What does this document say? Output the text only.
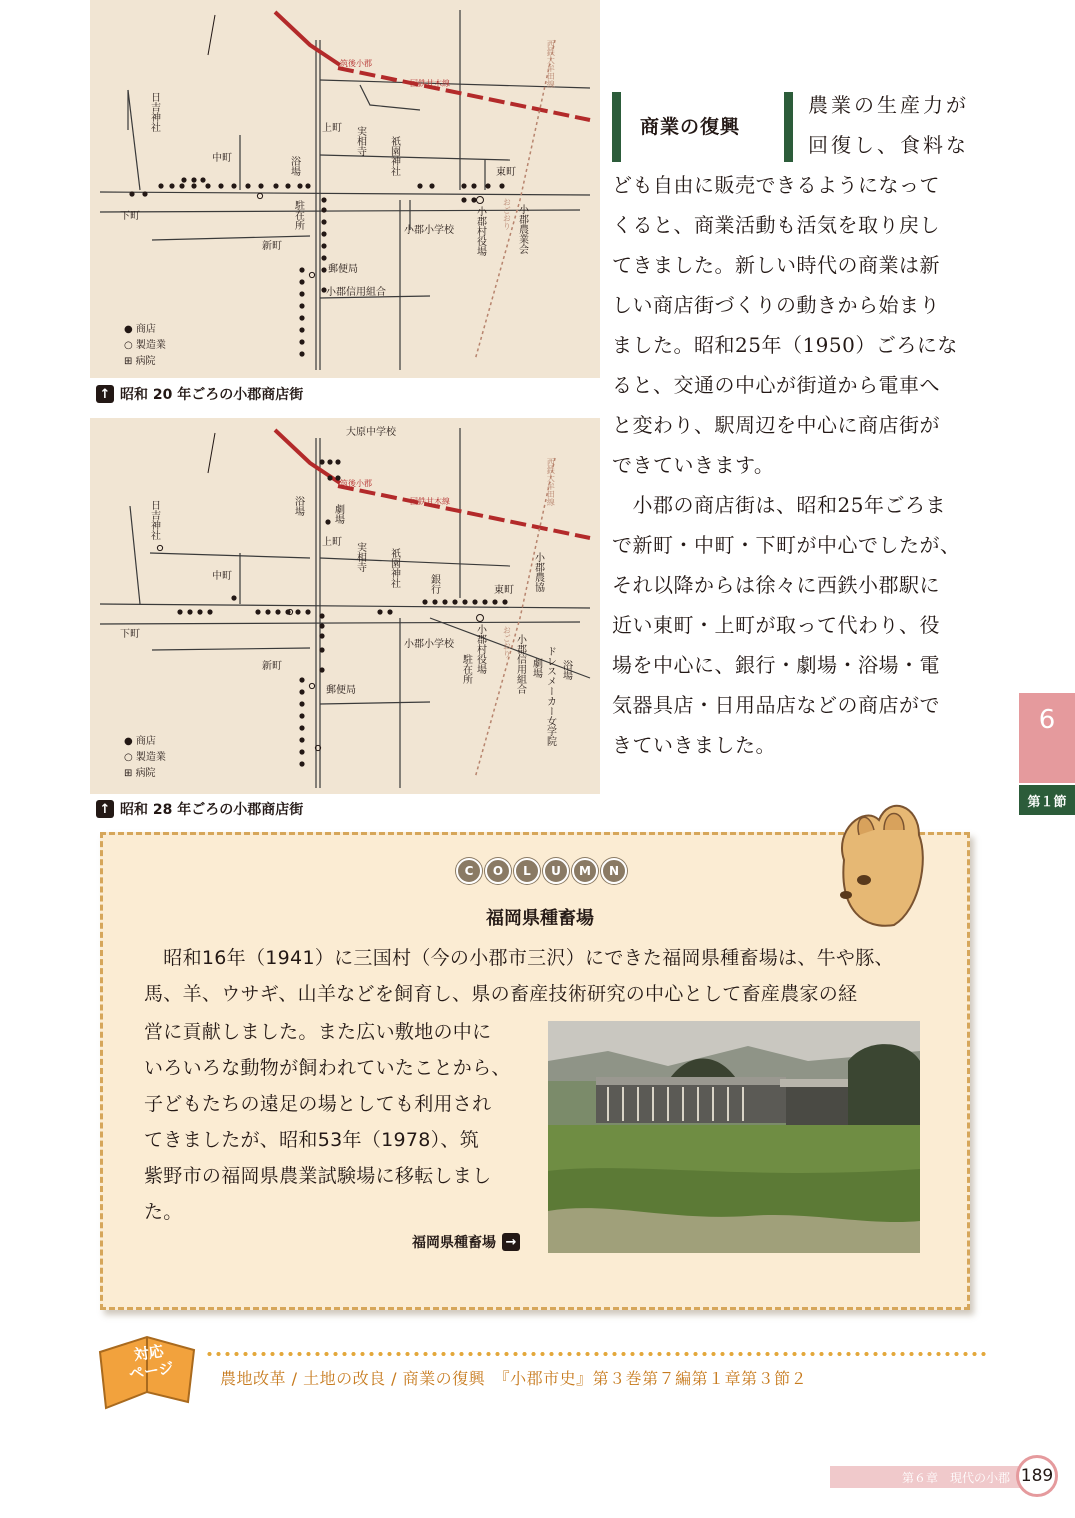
日吉神社	上町 実相寺 祇園神社
中町	浴場	東町
下町	駐在所
新町
小郡小学校 小郡村役場	小郡農業会
おごおり
郵便局
小郡信用組合
筑後小郡
国鉄甘木線	西鉄大牟田線
● 商店
○ 製造業
⊞ 病院
↑ 昭和 20 年ごろの小郡商店街
大原中学校
浴場	劇場
日吉神社
上町 実相寺 祇園神社	銀行	小郡農協
中町
東町
下町
小郡小学校 小郡村役場
駐在所
おごおり
新町
郵便局
劇場
小郡信用組合 ドレスメーカー女学院 浴場
筑後小郡
国鉄甘木線	西鉄大牟田線
● 商店
○ 製造業
⊞ 病院
↑ 昭和 28 年ごろの小郡商店街
商業の復興
農業の生産力が
回復し、食料な
ども自由に販売できるようになって
くると、商業活動も活気を取り戻し
てきました。新しい時代の商業は新
しい商店街づくりの動きから始まり
ました。昭和25年（1950）ごろにな
ると、交通の中心が街道から電車へ
と変わり、駅周辺を中心に商店街が
できていきます。
　小郡の商店街は、昭和25年ごろま
で新町・中町・下町が中心でしたが、
それ以降からは徐々に西鉄小郡駅に
近い東町・上町が取って代わり、役
場を中心に、銀行・劇場・浴場・電
気器具店・日用品店などの商店がで
きていきました。
6
第１節
C	O	L	U	M	N
福岡県種畜場
　昭和16年（1941）に三国村（今の小郡市三沢）にできた福岡県種畜場は、牛や豚、
馬、羊、ウサギ、山羊などを飼育し、県の畜産技術研究の中心として畜産農家の経
営に貢献しました。また広い敷地の中に
いろいろな動物が飼われていたことから、
子どもたちの遠足の場としても利用され
てきましたが、昭和53年（1978）、筑
紫野市の福岡県農業試験場に移転しまし
た。
福岡県種畜場 →
対応
ページ	農地改革 / 土地の改良 / 商業の復興　『小郡市史』第３巻第７編第１章第３節２
第６章　現代の小郡 189
